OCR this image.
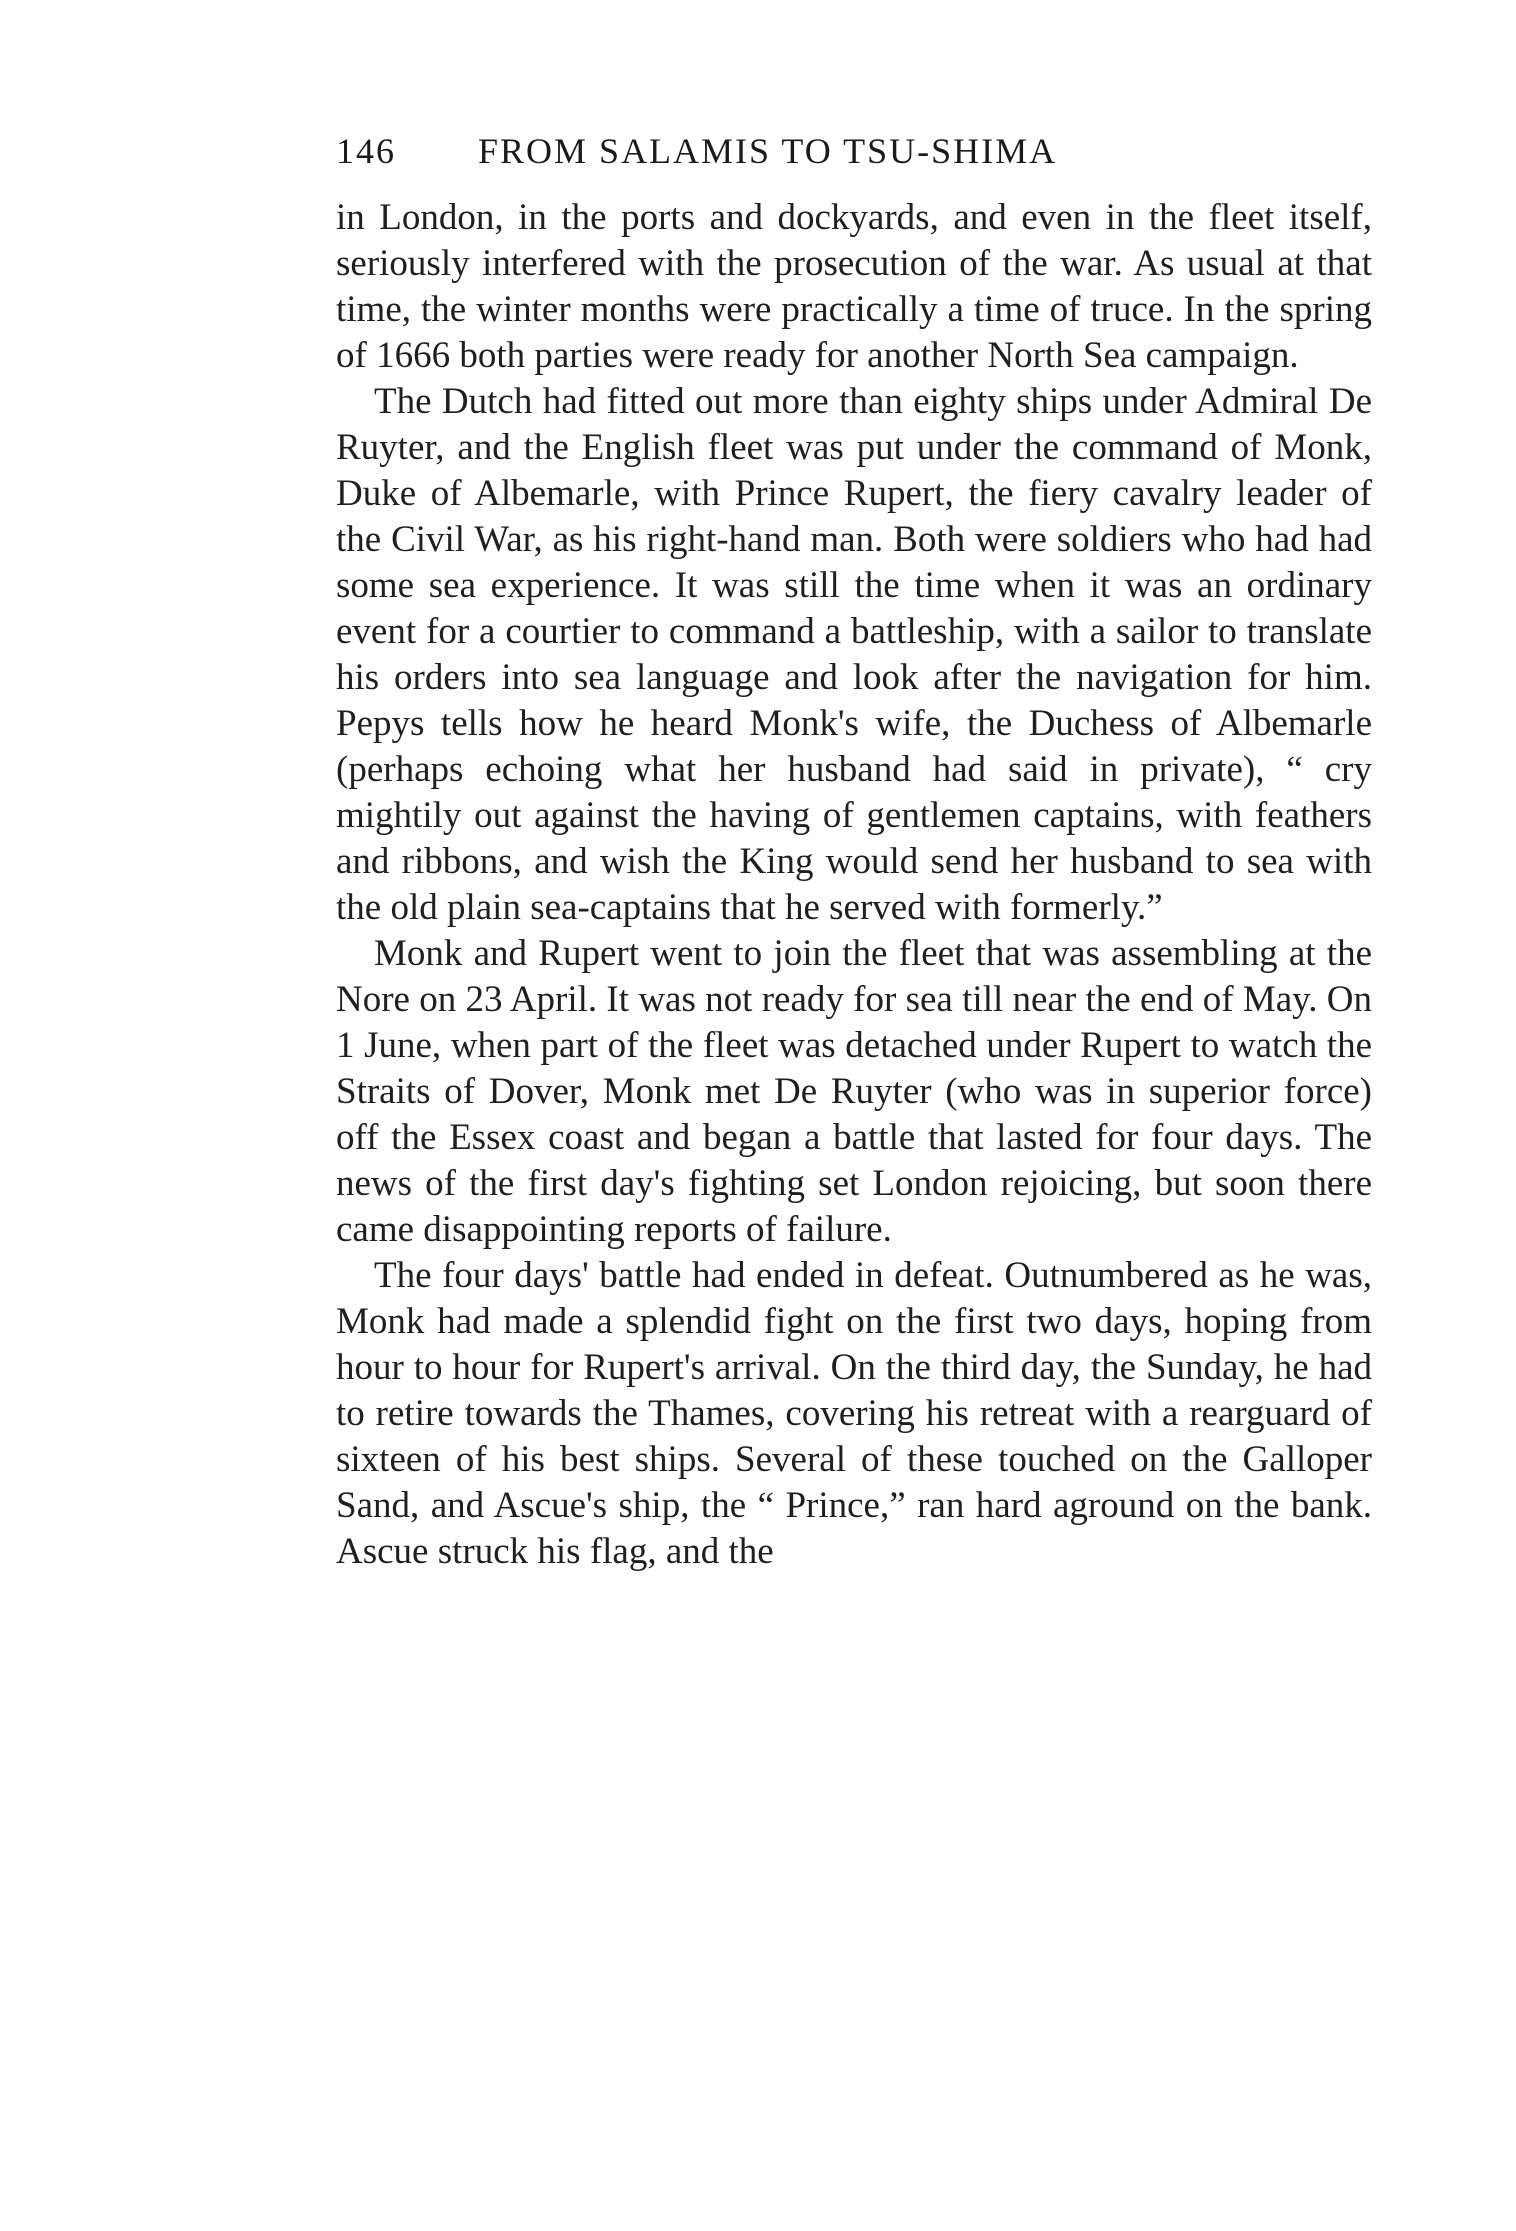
146 FROM SALAMIS TO TSU-SHIMA

in London, in the ports and dockyards, and even in the fleet itself, seriously interfered with the prosecution of the war. As usual at that time, the winter months were practically a time of truce. In the spring of 1666 both parties were ready for another North Sea campaign.

The Dutch had fitted out more than eighty ships under Admiral De Ruyter, and the English fleet was put under the command of Monk, Duke of Albemarle, with Prince Rupert, the fiery cavalry leader of the Civil War, as his right-hand man. Both were soldiers who had had some sea experience. It was still the time when it was an ordinary event for a courtier to command a battleship, with a sailor to translate his orders into sea language and look after the navigation for him. Pepys tells how he heard Monk's wife, the Duchess of Albemarle (perhaps echoing what her husband had said in private), “ cry mightily out against the having of gentlemen captains, with feathers and ribbons, and wish the King would send her husband to sea with the old plain sea-captains that he served with formerly.”

Monk and Rupert went to join the fleet that was assembling at the Nore on 23 April. It was not ready for sea till near the end of May. On 1 June, when part of the fleet was detached under Rupert to watch the Straits of Dover, Monk met De Ruyter (who was in superior force) off the Essex coast and began a battle that lasted for four days. The news of the first day's fighting set London rejoicing, but soon there came disappointing reports of failure.

The four days' battle had ended in defeat. Outnumbered as he was, Monk had made a splendid fight on the first two days, hoping from hour to hour for Rupert's arrival. On the third day, the Sunday, he had to retire towards the Thames, covering his retreat with a rearguard of sixteen of his best ships. Several of these touched on the Galloper Sand, and Ascue's ship, the “ Prince,” ran hard aground on the bank. Ascue struck his flag, and the
